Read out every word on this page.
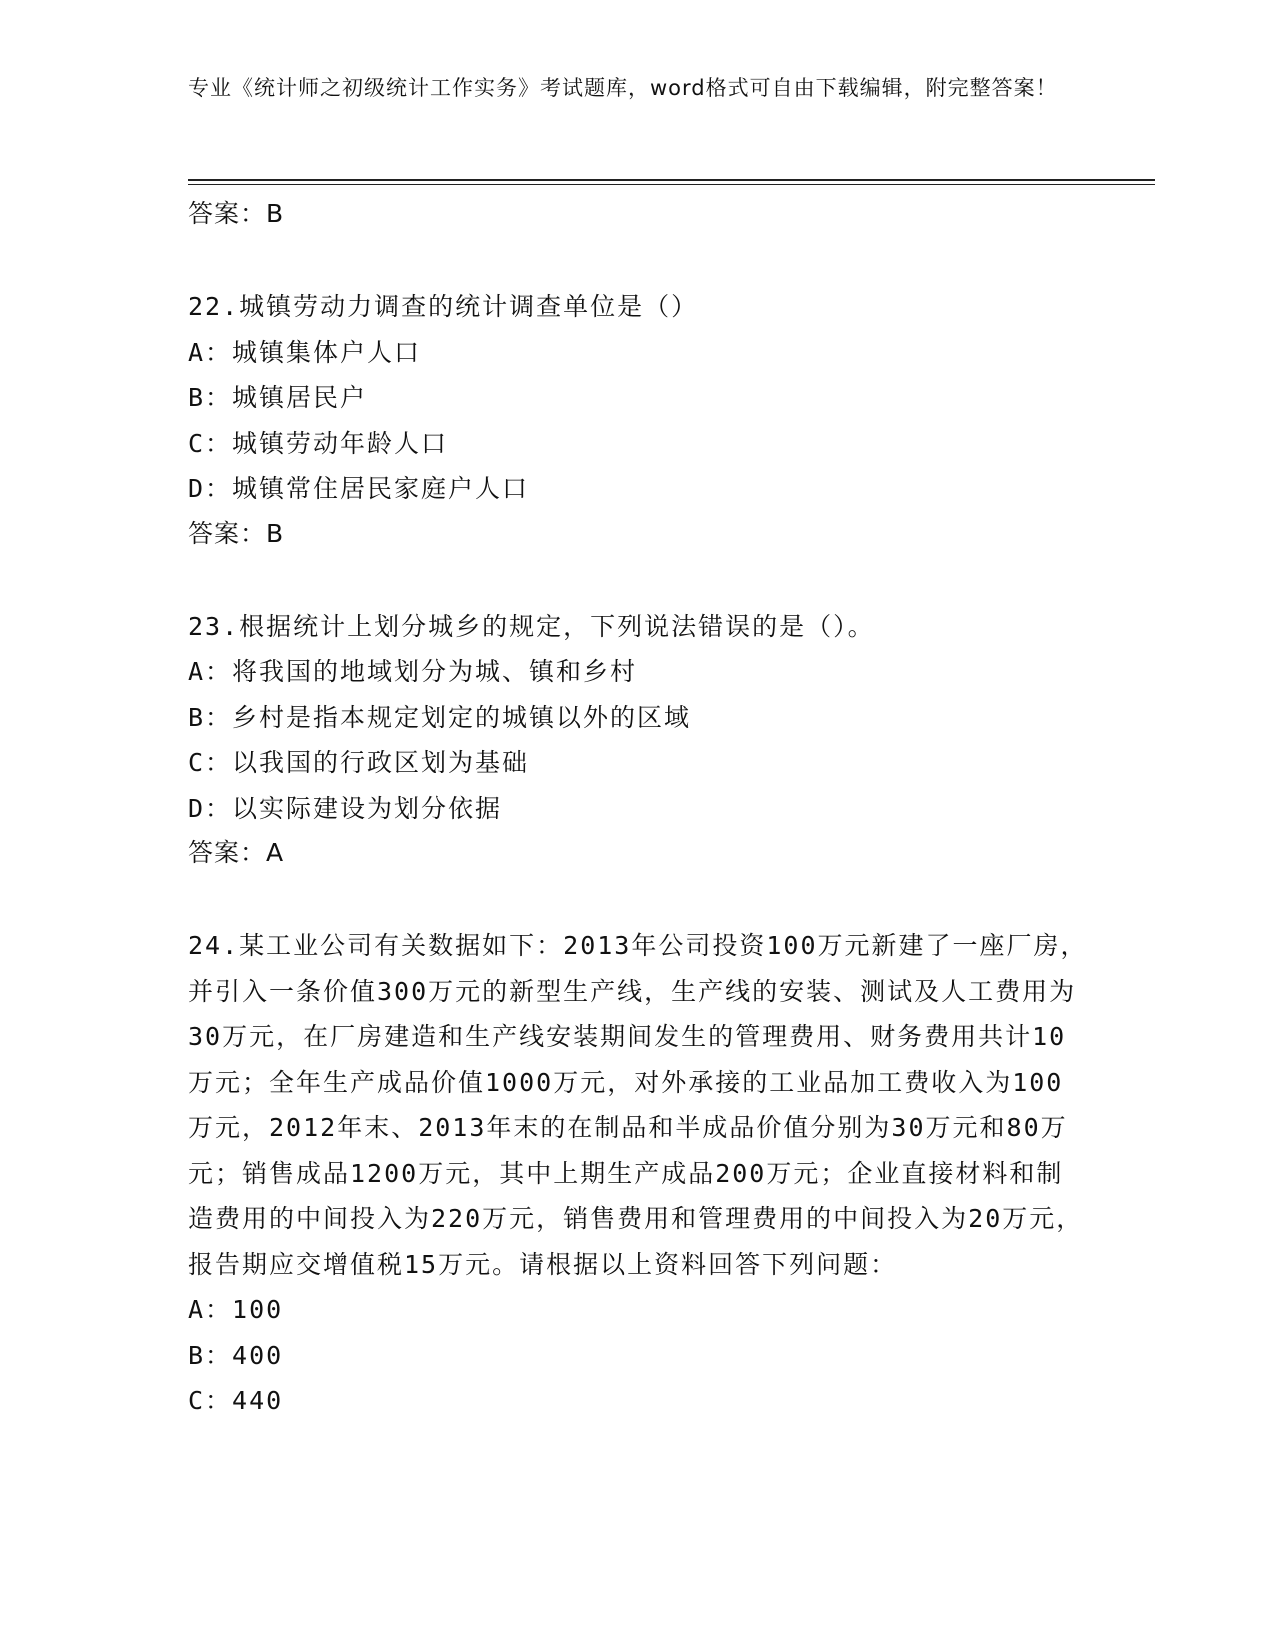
专业《统计师之初级统计工作实务》考试题库，word格式可自由下载编辑，附完整答案！
答案：B
22.城镇劳动力调查的统计调查单位是（）
A：城镇集体户人口
B：城镇居民户
C：城镇劳动年龄人口
D：城镇常住居民家庭户人口
答案：B
23.根据统计上划分城乡的规定，下列说法错误的是（）。
A：将我国的地域划分为城、镇和乡村
B：乡村是指本规定划定的城镇以外的区域
C：以我国的行政区划为基础
D：以实际建设为划分依据
答案：A
24.某工业公司有关数据如下：2013年公司投资100万元新建了一座厂房，并引入一条价值300万元的新型生产线，生产线的安装、测试及人工费用为30万元，在厂房建造和生产线安装期间发生的管理费用、财务费用共计10万元；全年生产成品价值1000万元，对外承接的工业品加工费收入为100万元，2012年末、2013年末的在制品和半成品价值分别为30万元和80万元；销售成品1200万元，其中上期生产成品200万元；企业直接材料和制造费用的中间投入为220万元，销售费用和管理费用的中间投入为20万元，报告期应交增值税15万元。请根据以上资料回答下列问题：
A：100
B：400
C：440
